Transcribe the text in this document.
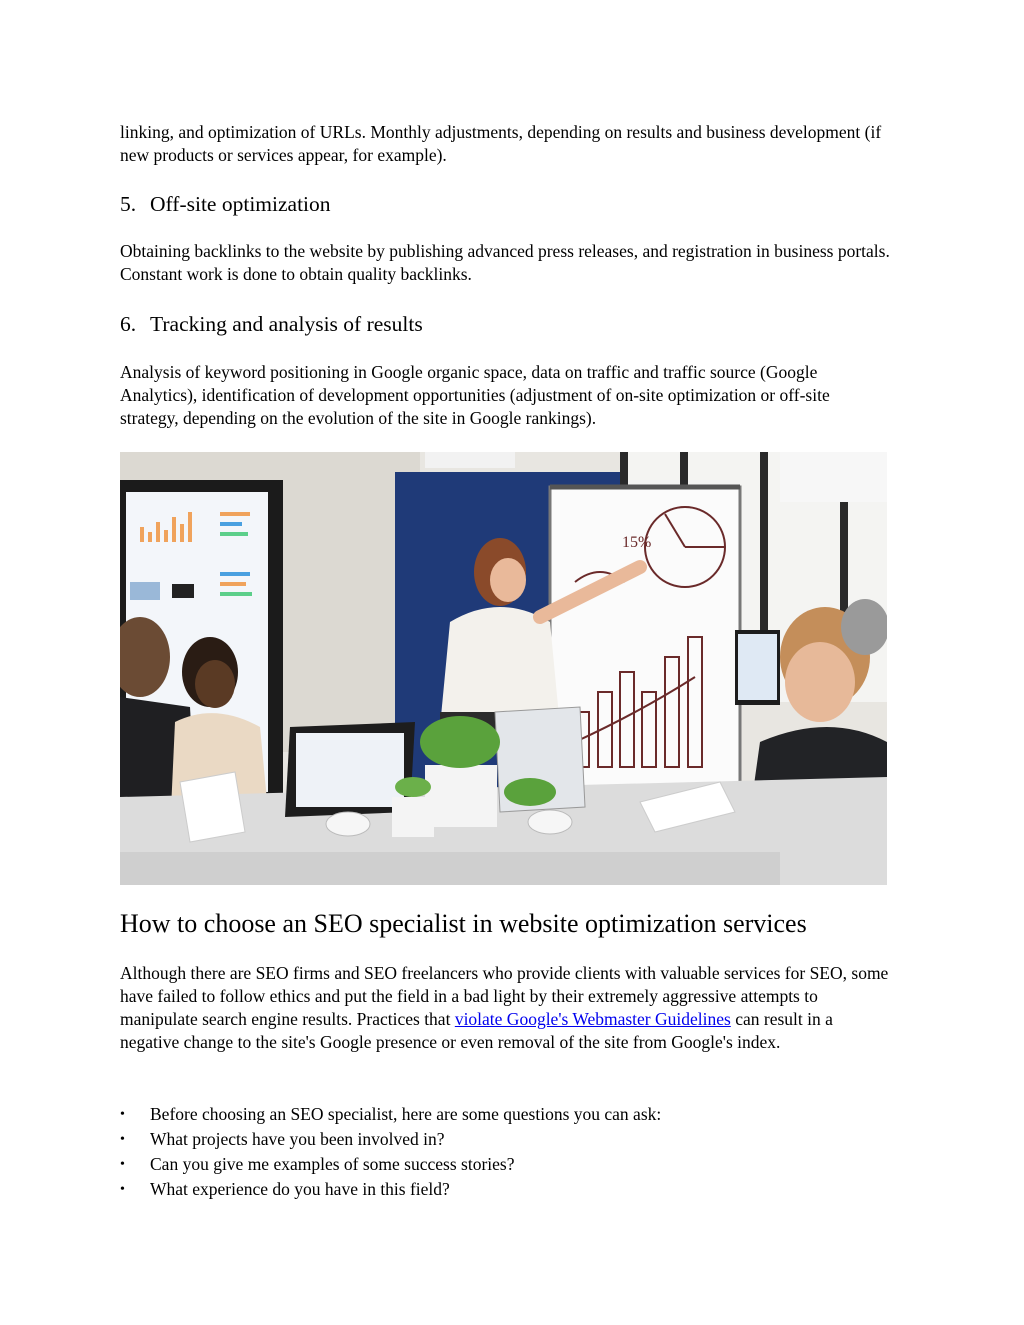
linking, and optimization of URLs. Monthly adjustments, depending on results and business development (if new products or services appear, for example).

5. Off-site optimization

Obtaining backlinks to the website by publishing advanced press releases, and registration in business portals. Constant work is done to obtain quality backlinks.

6. Tracking and analysis of results

Analysis of keyword positioning in Google organic space, data on traffic and traffic source (Google Analytics), identification of development opportunities (adjustment of on-site optimization or off-site strategy, depending on the evolution of the site in Google rankings).

15%
How to choose an SEO specialist in website optimization services

Although there are SEO firms and SEO freelancers who provide clients with valuable services for SEO, some have failed to follow ethics and put the field in a bad light by their extremely aggressive attempts to manipulate search engine results. Practices that violate Google's Webmaster Guidelines can result in a negative change to the site's Google presence or even removal of the site from Google's index.

•	Before choosing an SEO specialist, here are some questions you can ask:
•	What projects have you been involved in?
•	Can you give me examples of some success stories?
•	What experience do you have in this field?
